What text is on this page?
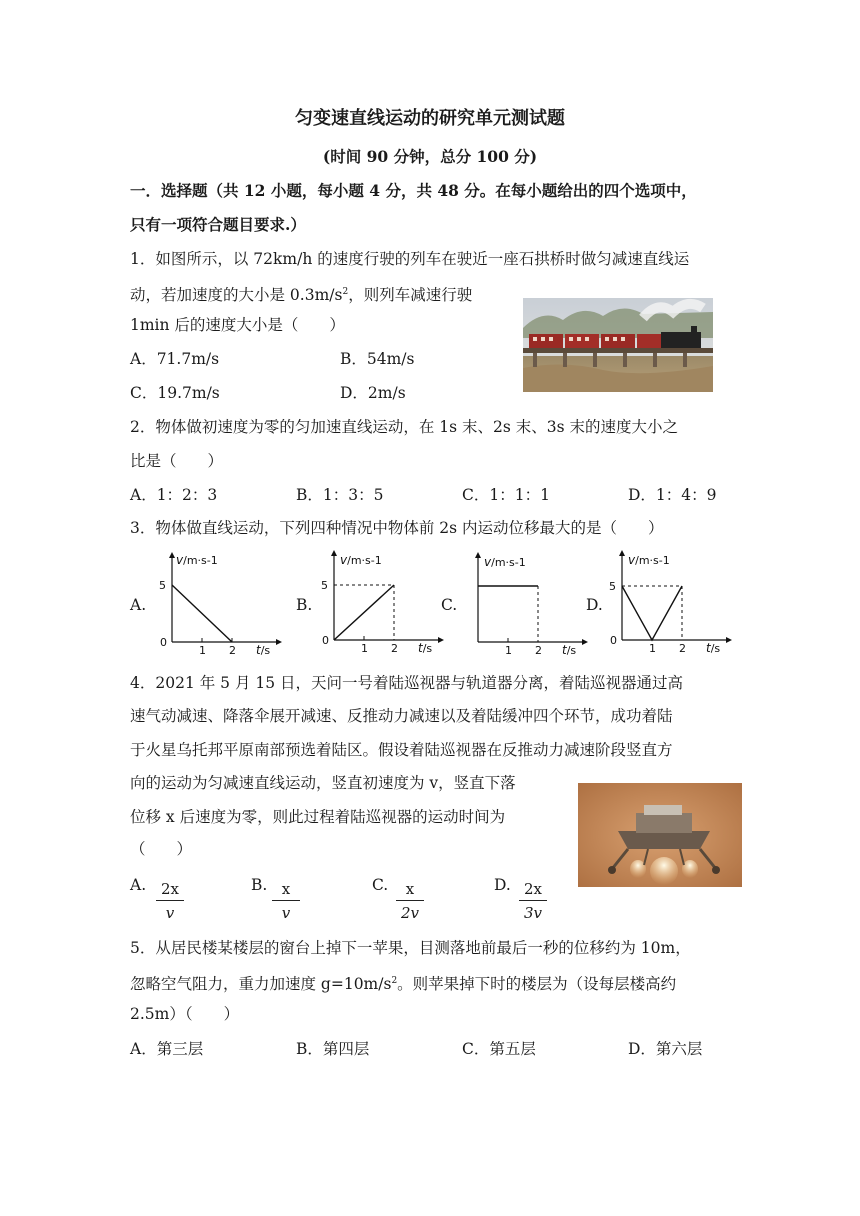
匀变速直线运动的研究单元测试题
(时间 90 分钟，总分 100 分)
一．选择题（共 12 小题，每小题 4 分，共 48 分。在每小题给出的四个选项中，
只有一项符合题目要求.）
1．如图所示，以 72km/h 的速度行驶的列车在驶近一座石拱桥时做匀减速直线运
动，若加速度的大小是 $0.3m/s^2$，则列车减速行驶
1min 后的速度大小是（　　）
A．71.7m/s	B．54m/s
C．19.7m/s	D．2m/s
2．物体做初速度为零的匀加速直线运动，在 1s 末、2s 末、3s 末的速度大小之
比是（　　）
A．1：2：3	B．1：3：5	C．1：1：1	D．1：4：9
3．物体做直线运动，下列四种情况中物体前 2s 内运动位移最大的是（　　）
A.	B.	C.	D.
v/m·s-1
5
0
1 2 t/s
v/m·s-1
5
0
1 2 t/s
v/m·s-1
1 2 t/s
v/m·s-1
5
0
1 2 t/s
4．2021 年 5 月 15 日，天问一号着陆巡视器与轨道器分离，着陆巡视器通过高
速气动减速、降落伞展开减速、反推动力减速以及着陆缓冲四个环节，成功着陆
于火星乌托邦平原南部预选着陆区。假设着陆巡视器在反推动力减速阶段竖直方
向的运动为匀减速直线运动，竖直初速度为 v，竖直下落
位移 x 后速度为零，则此过程着陆巡视器的运动时间为
（　　）
A. 2x
v
B. x
v
C.	x
2v
D. 2x
3v
5．从居民楼某楼层的窗台上掉下一苹果，目测落地前最后一秒的位移约为 10m，
忽略空气阻力，重力加速度 $g=10m/s^2$。则苹果掉下时的楼层为（设每层楼高约
2.5m）（　　）
A．第三层	B．第四层	C．第五层	D．第六层
